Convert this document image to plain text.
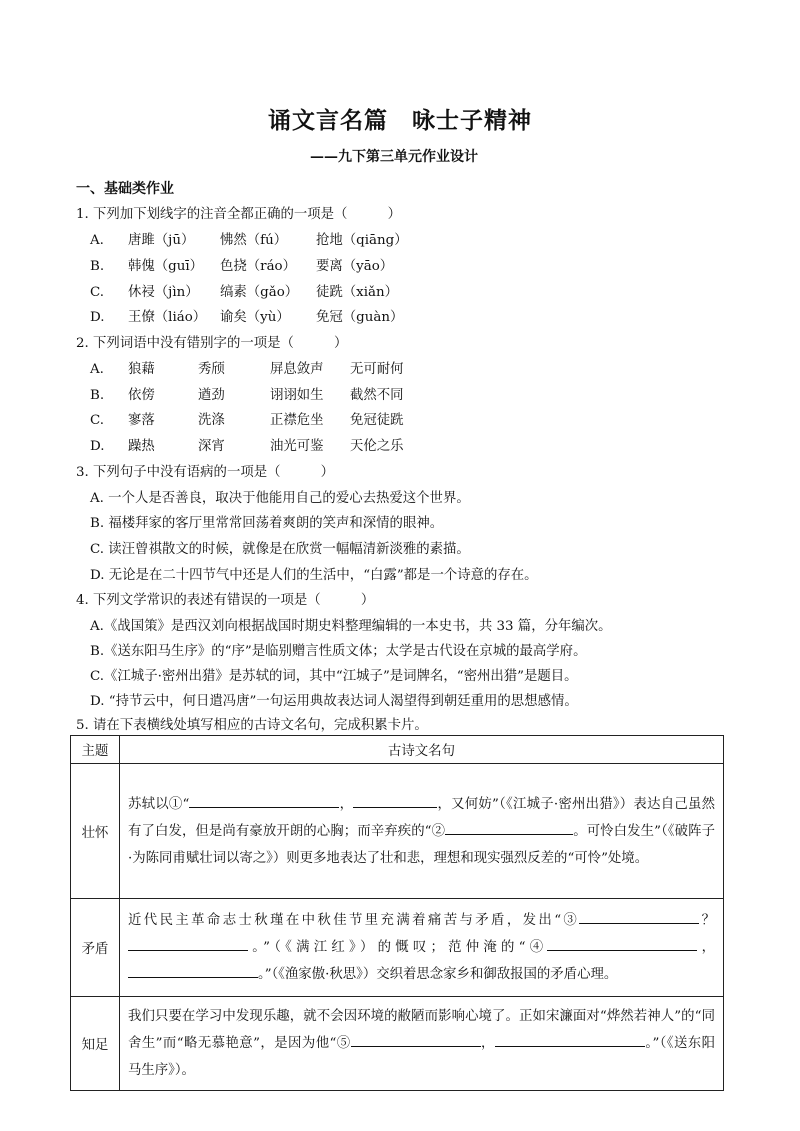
诵文言名篇　咏士子精神
——九下第三单元作业设计
一、基础类作业
1. 下列加下划线字的注音全都正确的一项是（　　　）
A. 唐雎（jū） 怫然（fú） 抢地（qiāng）
B. 韩傀（guī） 色挠（ráo） 要离（yāo）
C. 休祲（jìn） 缟素（gǎo） 徒跣（xiǎn）
D. 王僚（liáo） 谕矣（yù） 免冠（guàn）
2. 下列词语中没有错别字的一项是（　　　）
A. 狼藉	秀颀	屏息敛声 无可耐何
B. 依傍	遒劲	诩诩如生 截然不同
C. 寥落	洗涤	正襟危坐 免冠徒跣
D. 躁热	深宵	油光可鉴 天伦之乐
3. 下列句子中没有语病的一项是（　　　）
A. 一个人是否善良，取决于他能用自己的爱心去热爱这个世界。
B. 福楼拜家的客厅里常常回荡着爽朗的笑声和深情的眼神。
C. 读汪曾祺散文的时候，就像是在欣赏一幅幅清新淡雅的素描。
D. 无论是在二十四节气中还是人们的生活中，“白露”都是一个诗意的存在。
4. 下列文学常识的表述有错误的一项是（　　　）
A.《战国策》是西汉刘向根据战国时期史料整理编辑的一本史书，共 33 篇，分年编次。
B.《送东阳马生序》的“序”是临别赠言性质文体；太学是古代设在京城的最高学府。
C.《江城子·密州出猎》是苏轼的词，其中“江城子”是词牌名，“密州出猎”是题目。
D. “持节云中，何日遣冯唐”一句运用典故表达词人渴望得到朝廷重用的思想感情。
5. 请在下表横线处填写相应的古诗文名句，完成积累卡片。
主题	古诗文名句
壮怀	苏轼以①“ ， ，又何妨”（《江城子·密州出猎》）表达自己虽然有了白发，但是尚有豪放开朗的心胸；而辛弃疾的“② 。可怜白发生”（《破阵子·为陈同甫赋壮词以寄之》）则更多地表达了壮和悲，理想和现实强烈反差的“可怜”处境。
矛盾	近代民主革命志士秋瑾在中秋佳节里充满着痛苦与矛盾，发出“③ ？。”（《满江红》）的慨叹；范仲淹的“④ ，。”（《渔家傲·秋思》）交织着思念家乡和御敌报国的矛盾心理。
知足	我们只要在学习中发现乐趣，就不会因环境的敝陋而影响心境了。正如宋濂面对“烨然若神人”的“同舍生”而“略无慕艳意”，是因为他“⑤ ， 。”（《送东阳马生序》）。
